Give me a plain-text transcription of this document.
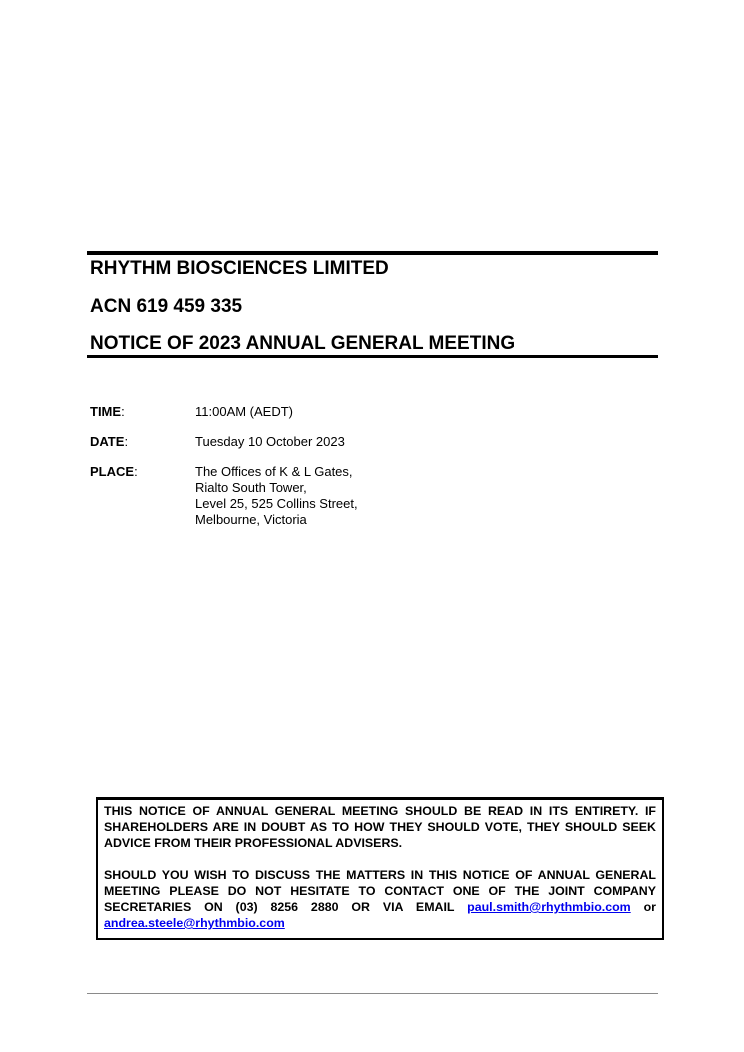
RHYTHM BIOSCIENCES LIMITED
ACN 619 459 335
NOTICE OF 2023 ANNUAL GENERAL MEETING
TIME:	11:00AM (AEDT)
DATE:	Tuesday 10 October 2023
PLACE:	The Offices of K & L Gates,
Rialto South Tower,
Level 25, 525 Collins Street,
Melbourne, Victoria

THIS NOTICE OF ANNUAL GENERAL MEETING SHOULD BE READ IN ITS ENTIRETY. IF SHAREHOLDERS ARE IN DOUBT AS TO HOW THEY SHOULD VOTE, THEY SHOULD SEEK ADVICE FROM THEIR PROFESSIONAL ADVISERS.

SHOULD YOU WISH TO DISCUSS THE MATTERS IN THIS NOTICE OF ANNUAL GENERAL MEETING PLEASE DO NOT HESITATE TO CONTACT ONE OF THE JOINT COMPANY SECRETARIES ON (03) 8256 2880 OR VIA EMAIL paul.smith@rhythmbio.com or andrea.steele@rhythmbio.com
